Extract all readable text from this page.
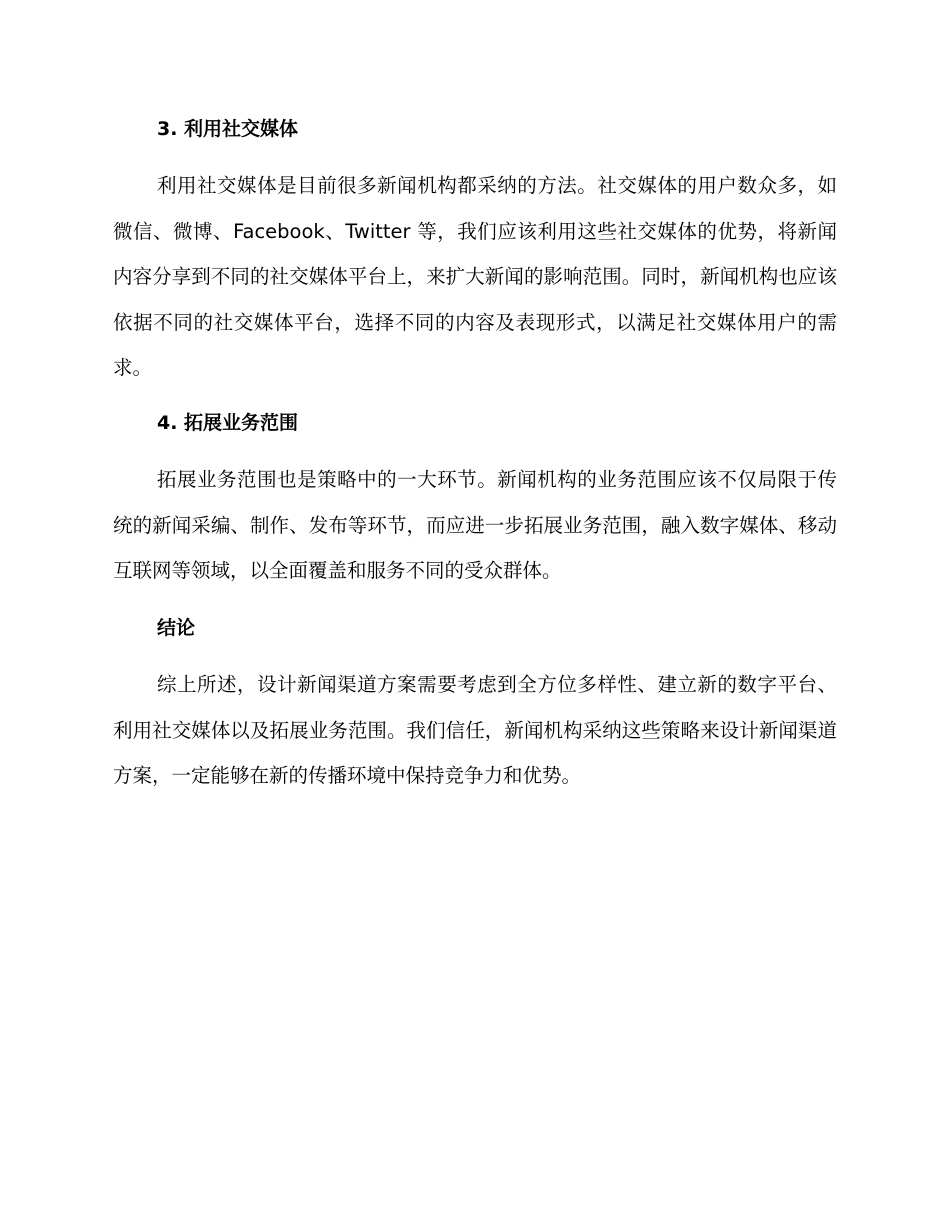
3. 利用社交媒体

利用社交媒体是目前很多新闻机构都采纳的方法。社交媒体的用户数众多，如微信、微博、Facebook、Twitter 等，我们应该利用这些社交媒体的优势，将新闻内容分享到不同的社交媒体平台上，来扩大新闻的影响范围。同时，新闻机构也应该依据不同的社交媒体平台，选择不同的内容及表现形式，以满足社交媒体用户的需求。

4. 拓展业务范围

拓展业务范围也是策略中的一大环节。新闻机构的业务范围应该不仅局限于传统的新闻采编、制作、发布等环节，而应进一步拓展业务范围，融入数字媒体、移动互联网等领域，以全面覆盖和服务不同的受众群体。

结论

综上所述，设计新闻渠道方案需要考虑到全方位多样性、建立新的数字平台、利用社交媒体以及拓展业务范围。我们信任，新闻机构采纳这些策略来设计新闻渠道方案，一定能够在新的传播环境中保持竞争力和优势。
